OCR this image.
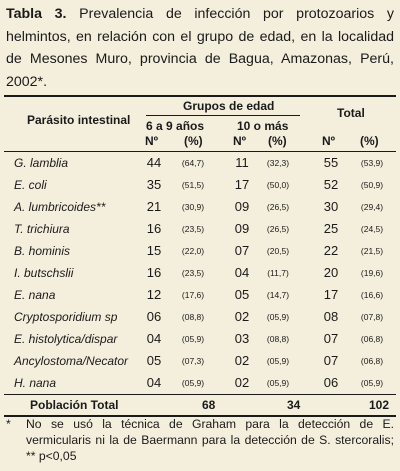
Tabla 3. Prevalencia de infección por protozoarios y helmintos, en relación con el grupo de edad, en la localidad de Mesones Muro, provincia de Bagua, Amazonas, Perú, 2002*.
Grupos de edad	Total
Parásito intestinal 6 a 9 años	10 o más
Nº (%)	Nº (%)	Nº (%)
G. lamblia	44	(64,7)	11	(32,3)	55	(53,9)
E. coli	35	(51,5)	17	(50,0)	52	(50,9)
A. lumbricoides**	21	(30,9)	09	(26,5)	30	(29,4)
T. trichiura	16	(23,5)	09	(26,5)	25	(24,5)
B. hominis	15	(22,0)	07	(20,5)	22	(21,5)
I. butschslii	16	(23,5)	04	(11,7)	20	(19,6)
E. nana	12	(17,6)	05	(14,7)	17	(16,6)
Cryptosporidium sp 06	(08,8)	02	(05,9)	08	(07,8)
E. histolytica/dispar 04	(05,9)	03	(08,8)	07	(06,8)
Ancylostoma/Necator 05	(07,3)	02	(05,9)	07	(06,8)
H. nana	04	(05,9)	02	(05,9)	06	(05,9)
Población Total	68	34	102
* No se usó la técnica de Graham para la detección de E. vermicularis ni la de Baermann para la detección de S. stercoralis; ** p<0,05
